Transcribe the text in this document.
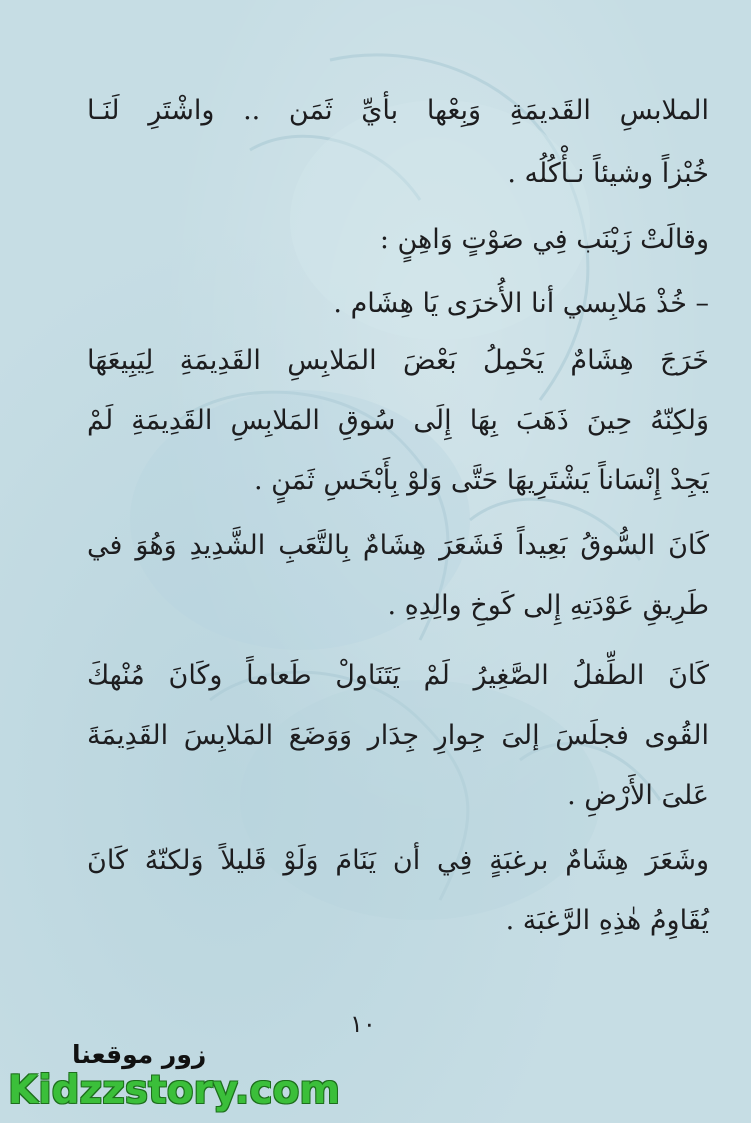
الملابسِ القَديمَةِ وَبِعْها بأيِّ ثَمَن .. واشْتَرِ لَنَـا
خُبْزاً وشيئاً نـأْكُلُه .
وقالَتْ زَيْنَب فِي صَوْتٍ وَاهِنٍ :
– خُذْ مَلابِسي أنا الأُخرَى يَا هِشَام .
خَرَجَ هِشَامٌ يَحْمِلُ بَعْضَ المَلابِسِ القَدِيمَةِ لِيَبِيعَهَا
وَلكِنّهُ حِينَ ذَهَبَ بِهَا إِلَى سُوقِ المَلابِسِ القَدِيمَةِ لَمْ
يَجِدْ إِنْسَاناً يَشْتَرِيهَا حَتَّى وَلوْ بِأَبْخَسِ ثَمَنٍ .
كَانَ السُّوقُ بَعِيداً فَشَعَرَ هِشَامٌ بِالتَّعَبِ الشَّدِيدِ وَهُوَ في
طَرِيقِ عَوْدَتِهِ إِلى كَوخِ والِدِهِ .
كَانَ الطِّفلُ الصَّغِيرُ لَمْ يَتَنَاولْ طَعاماً وكَانَ مُنْهكَ
القُوى فجلَسَ إلىَ جِوارِ جِدَار وَوَضَعَ المَلابِسَ القَدِيمَةَ
عَلىَ الأَرْضِ .
وشَعَرَ هِشَامٌ برغبَةٍ فِي أن يَنَامَ وَلَوْ قَليلاً وَلكنّهُ كَانَ
يُقَاوِمُ هٰذِهِ الرَّغبَة .
١٠
زور موقعنا
Kidzzstory.com
